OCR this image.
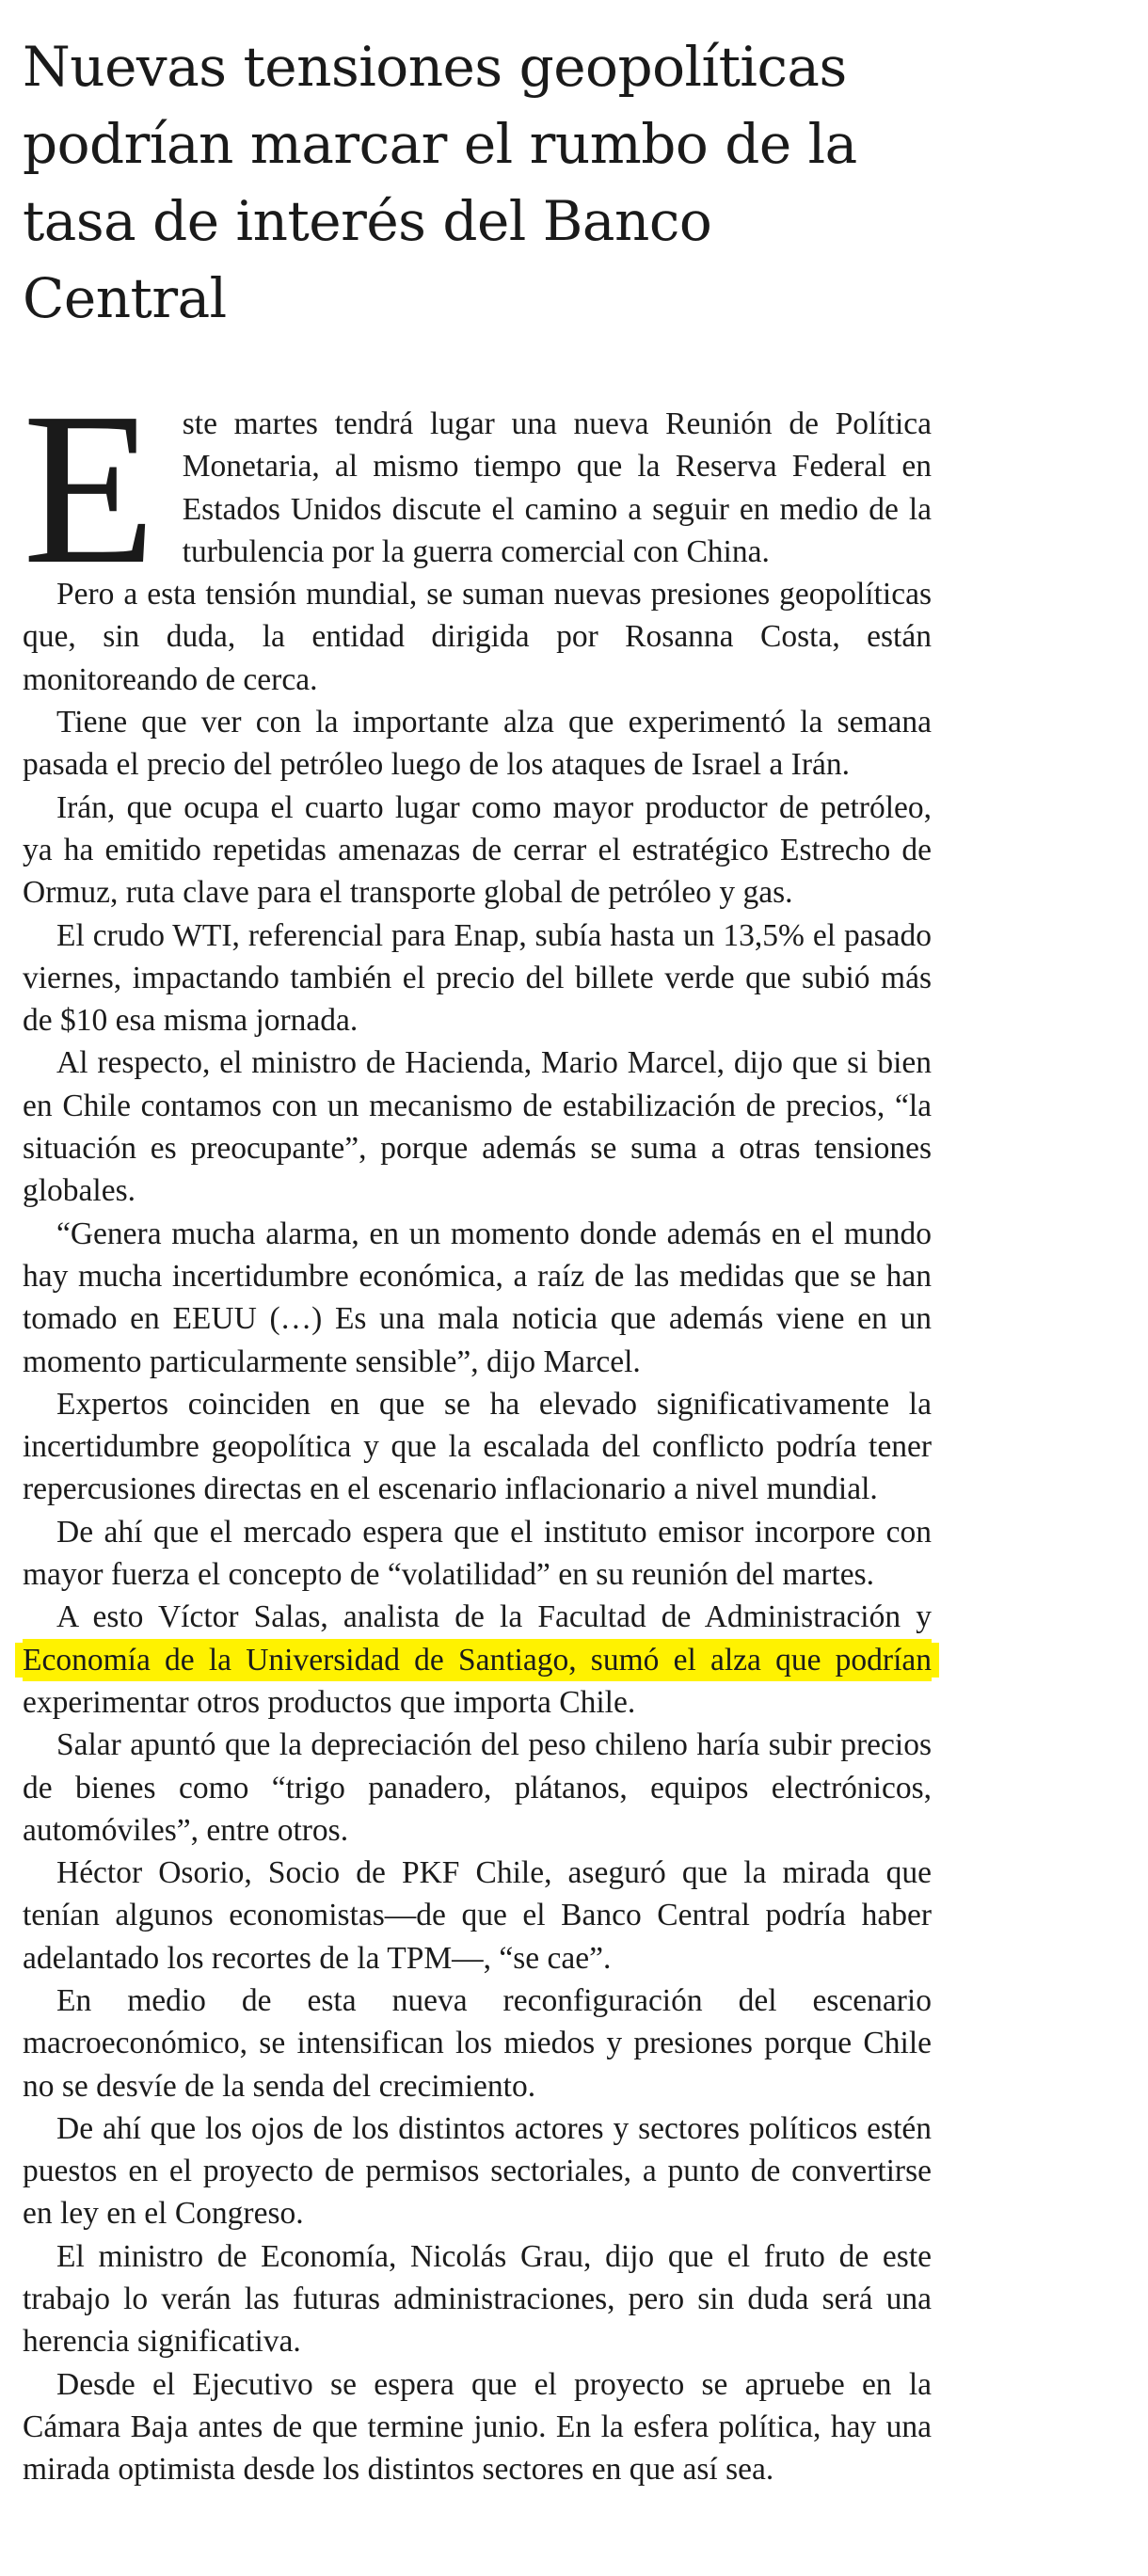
Nuevas tensiones geopolíticas podrían marcar el rumbo de la tasa de interés del Banco Central

Este martes tendrá lugar una nueva Reunión de Política Monetaria, al mismo tiempo que la Reserva Federal en Estados Unidos discute el camino a seguir en medio de la turbulencia por la guerra comercial con China.

Pero a esta tensión mundial, se suman nuevas presiones geopolíticas que, sin duda, la entidad dirigida por Rosanna Costa, están monitoreando de cerca.

Tiene que ver con la importante alza que experimentó la semana pasada el precio del petróleo luego de los ataques de Israel a Irán.

Irán, que ocupa el cuarto lugar como mayor productor de petróleo, ya ha emitido repetidas amenazas de cerrar el estratégico Estrecho de Ormuz, ruta clave para el transporte global de petróleo y gas.

El crudo WTI, referencial para Enap, subía hasta un 13,5% el pasado viernes, impactando también el precio del billete verde que subió más de $10 esa misma jornada.

Al respecto, el ministro de Hacienda, Mario Marcel, dijo que si bien en Chile contamos con un mecanismo de estabilización de precios, “la situación es preocupante”, porque además se suma a otras tensiones globales.

“Genera mucha alarma, en un momento donde además en el mundo hay mucha incertidumbre económica, a raíz de las medidas que se han tomado en EEUU (…) Es una mala noticia que además viene en un momento particularmente sensible”, dijo Marcel.

Expertos coinciden en que se ha elevado significativamente la incertidumbre geopolítica y que la escalada del conflicto podría tener repercusiones directas en el escenario inflacionario a nivel mundial.

De ahí que el mercado espera que el instituto emisor incorpore con mayor fuerza el concepto de “volatilidad” en su reunión del martes.

A esto Víctor Salas, analista de la Facultad de Administración y Economía de la Universidad de Santiago, sumó el alza que podrían experimentar otros productos que importa Chile.

Salar apuntó que la depreciación del peso chileno haría subir precios de bienes como “trigo panadero, plátanos, equipos electrónicos, automóviles”, entre otros.

Héctor Osorio, Socio de PKF Chile, aseguró que la mirada que tenían algunos economistas—de que el Banco Central podría haber adelantado los recortes de la TPM—, “se cae”.

En medio de esta nueva reconfiguración del escenario macroeconómico, se intensifican los miedos y presiones porque Chile no se desvíe de la senda del crecimiento.

De ahí que los ojos de los distintos actores y sectores políticos estén puestos en el proyecto de permisos sectoriales, a punto de convertirse en ley en el Congreso.

El ministro de Economía, Nicolás Grau, dijo que el fruto de este trabajo lo verán las futuras administraciones, pero sin duda será una herencia significativa.

Desde el Ejecutivo se espera que el proyecto se apruebe en la Cámara Baja antes de que termine junio. En la esfera política, hay una mirada optimista desde los distintos sectores en que así sea.
